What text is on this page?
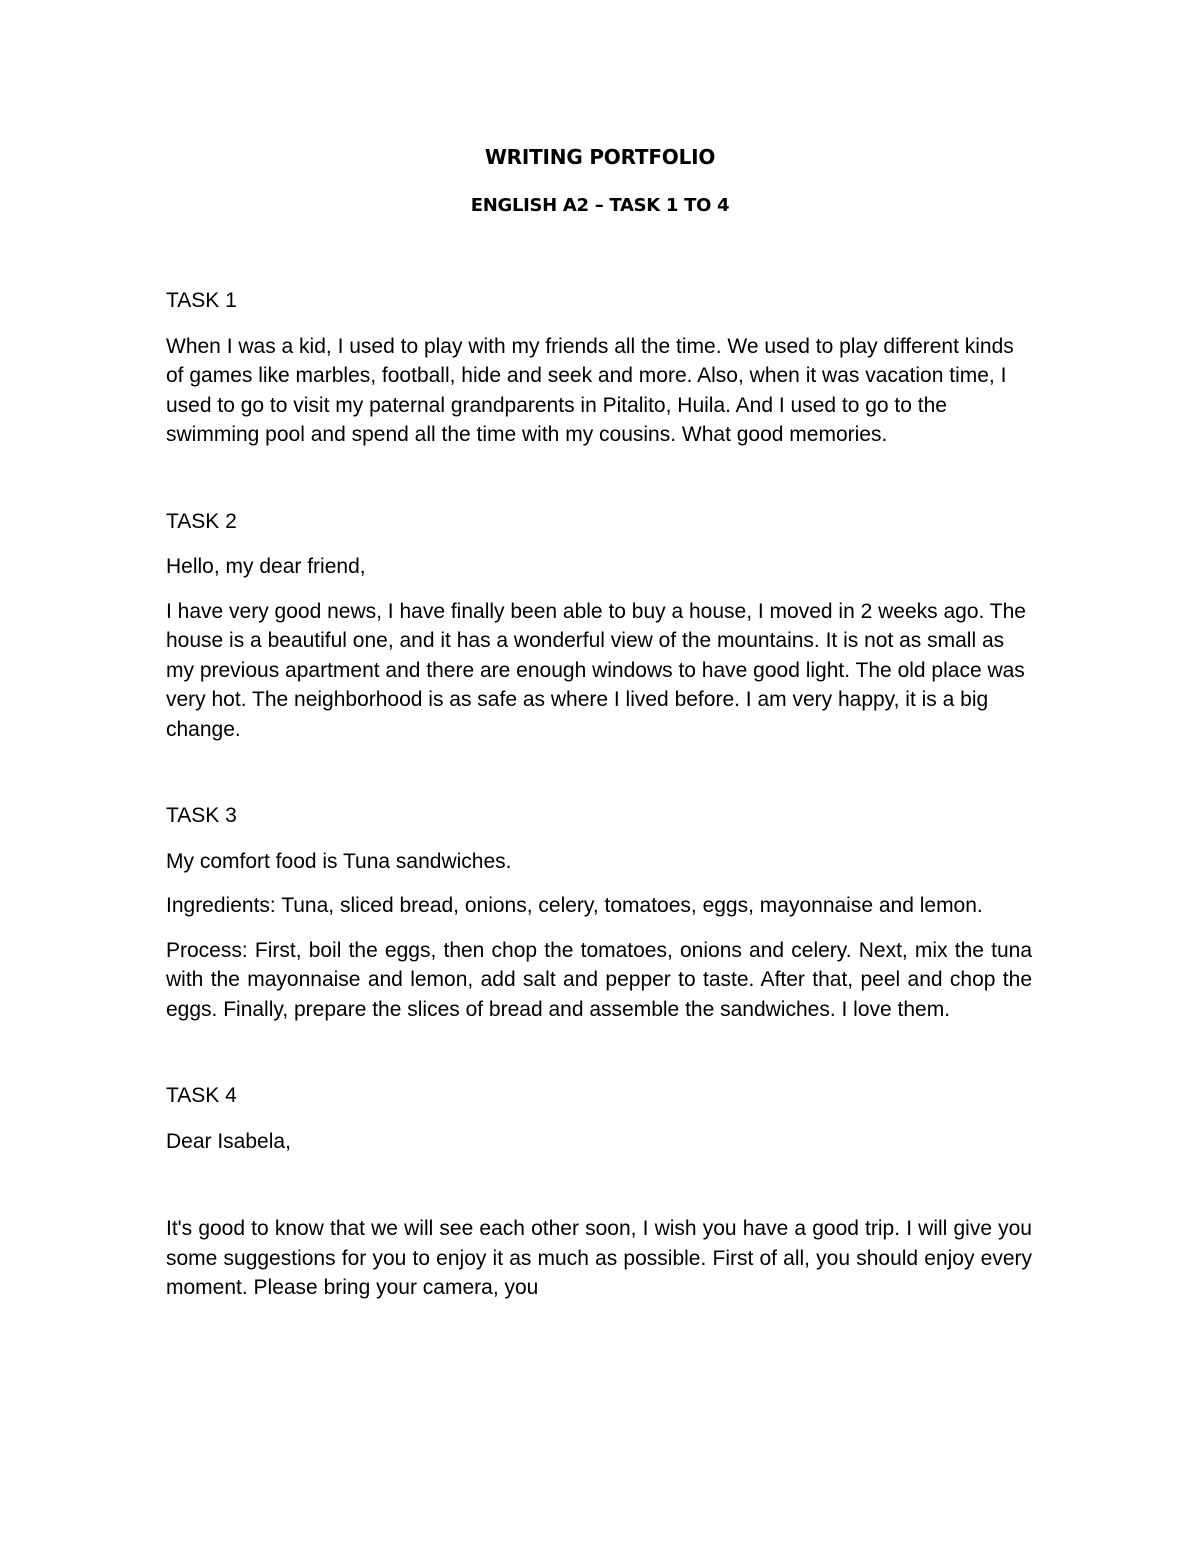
WRITING PORTFOLIO
ENGLISH A2 – TASK 1 TO 4

TASK 1

When I was a kid, I used to play with my friends all the time. We used to play different kinds of games like marbles, football, hide and seek and more. Also, when it was vacation time, I used to go to visit my paternal grandparents in Pitalito, Huila. And I used to go to the swimming pool and spend all the time with my cousins. What good memories.

TASK 2

Hello, my dear friend,

I have very good news, I have finally been able to buy a house, I moved in 2 weeks ago. The house is a beautiful one, and it has a wonderful view of the mountains. It is not as small as my previous apartment and there are enough windows to have good light. The old place was very hot. The neighborhood is as safe as where I lived before. I am very happy, it is a big change.

TASK 3

My comfort food is Tuna sandwiches.

Ingredients: Tuna, sliced bread, onions, celery, tomatoes, eggs, mayonnaise and lemon.

Process: First, boil the eggs, then chop the tomatoes, onions and celery. Next, mix the tuna with the mayonnaise and lemon, add salt and pepper to taste. After that, peel and chop the eggs. Finally, prepare the slices of bread and assemble the sandwiches. I love them.

TASK 4

Dear Isabela,

It's good to know that we will see each other soon, I wish you have a good trip. I will give you some suggestions for you to enjoy it as much as possible. First of all, you should enjoy every moment. Please bring your camera, you
